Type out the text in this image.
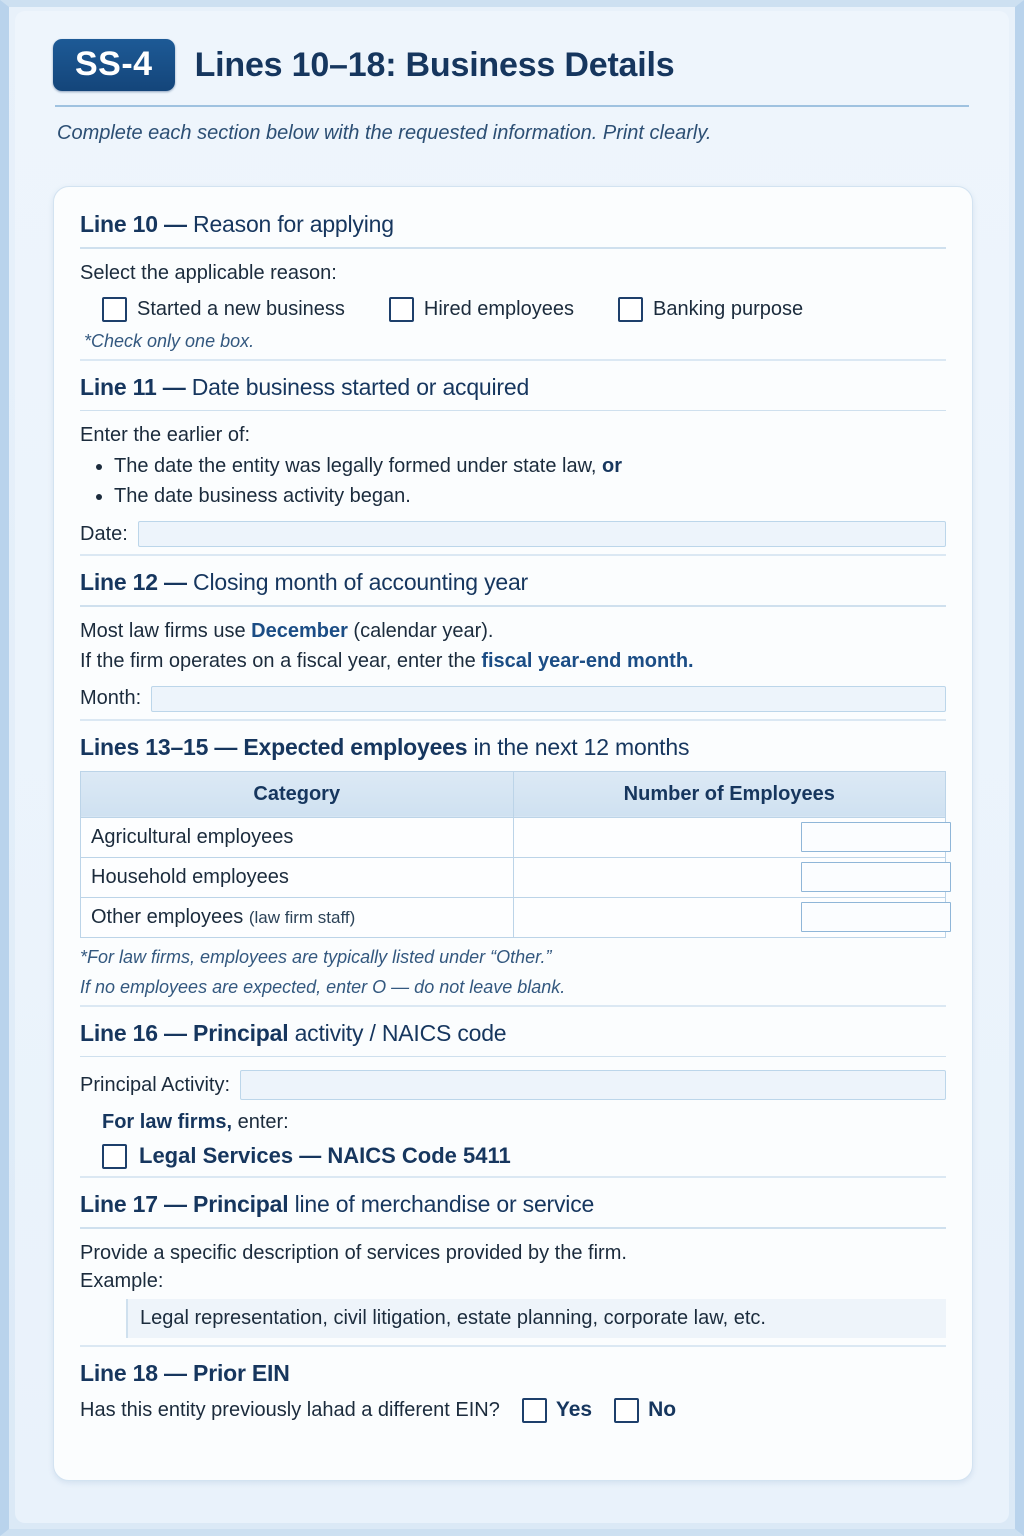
SS-4	Lines 10–18: Business Details
Complete each section below with the requested information. Print clearly.
Line 10 — Reason for applying

Select the applicable reason:

Started a new business	Hired employees	Banking purpose
*Check only one box.
Line 11 — Date business started or acquired

Enter the earlier of:

• The date the entity was legally formed under state law, or
• The date business activity began.
Date:
Line 12 — Closing month of accounting year

Most law firms use December (calendar year).

If the firm operates on a fiscal year, enter the fiscal year-end month.

Month:
Lines 13–15 — Expected employees in the next 12 months
Category	Number of Employees
Agricultural employees	

Household employees	

Other employees (law firm staff)	
*For law firms, employees are typically listed under “Other.”
If no employees are expected, enter O — do not leave blank.
Line 16 — Principal activity / NAICS code
Principal Activity:

For law firms, enter:

Legal Services — NAICS Code 5411
Line 17 — Principal line of merchandise or service

Provide a specific description of services provided by the firm.

Example:

Legal representation, civil litigation, estate planning, corporate law, etc.
Line 18 — Prior EIN
Has this entity previously lahad a different EIN?	Yes	No
